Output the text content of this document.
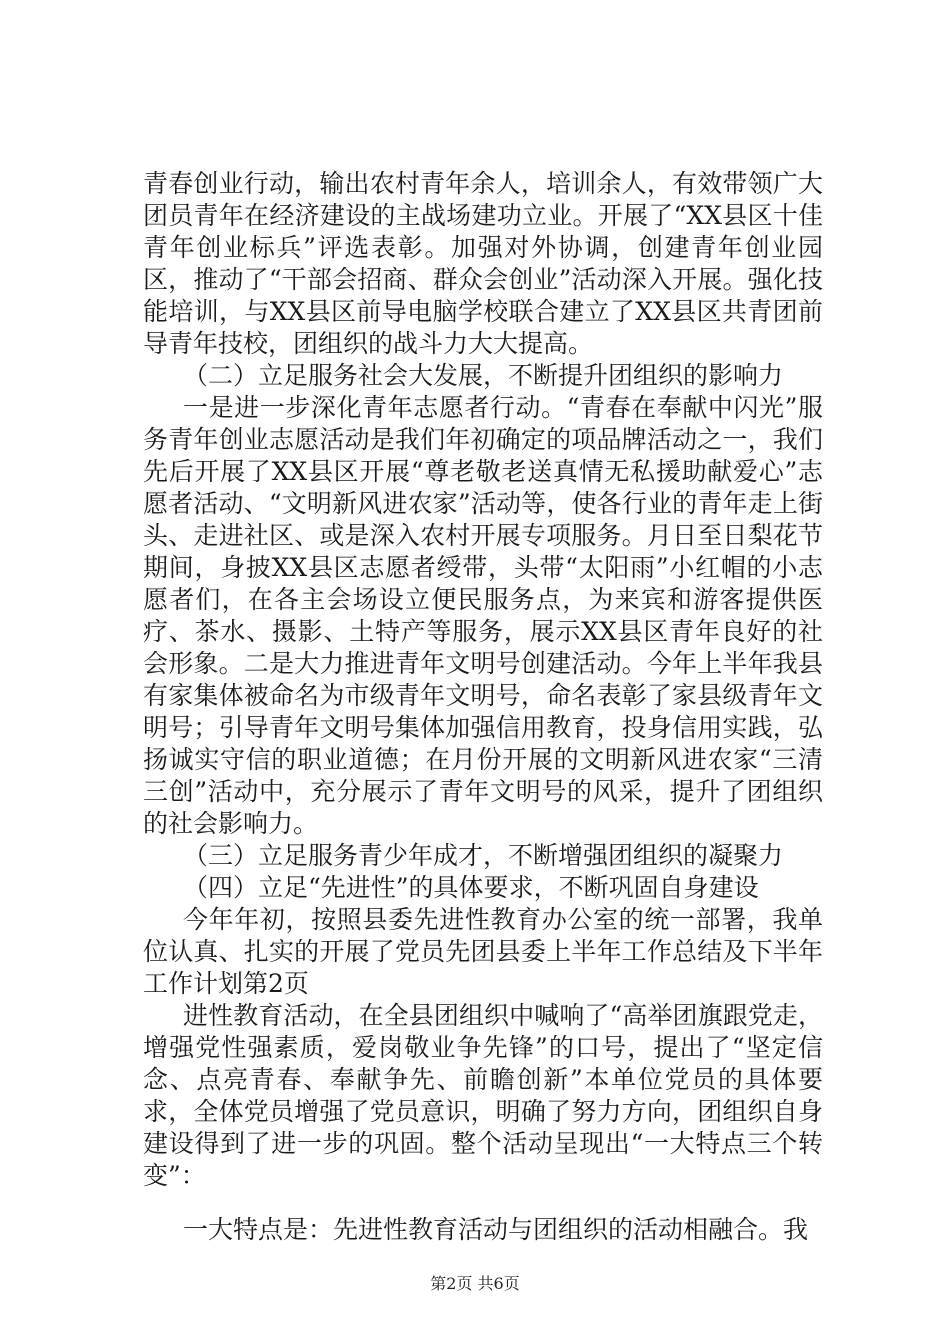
青春创业行动，输出农村青年余人，培训余人，有效带领广大团员青年在经济建设的主战场建功立业。开展了“XX县区十佳青年创业标兵”评选表彰。加强对外协调，创建青年创业园区，推动了“干部会招商、群众会创业”活动深入开展。强化技能培训，与XX县区前导电脑学校联合建立了XX县区共青团前导青年技校，团组织的战斗力大大提高。

（二）立足服务社会大发展，不断提升团组织的影响力

一是进一步深化青年志愿者行动。“青春在奉献中闪光”服务青年创业志愿活动是我们年初确定的项品牌活动之一，我们先后开展了XX县区开展“尊老敬老送真情无私援助献爱心”志愿者活动、“文明新风进农家”活动等，使各行业的青年走上街头、走进社区、或是深入农村开展专项服务。月日至日梨花节期间，身披XX县区志愿者绶带，头带“太阳雨”小红帽的小志愿者们，在各主会场设立便民服务点，为来宾和游客提供医疗、茶水、摄影、土特产等服务，展示XX县区青年良好的社会形象。二是大力推进青年文明号创建活动。今年上半年我县有家集体被命名为市级青年文明号，命名表彰了家县级青年文明号；引导青年文明号集体加强信用教育，投身信用实践，弘扬诚实守信的职业道德；在月份开展的文明新风进农家“三清三创”活动中，充分展示了青年文明号的风采，提升了团组织的社会影响力。

（三）立足服务青少年成才，不断增强团组织的凝聚力

（四）立足“先进性”的具体要求，不断巩固自身建设

今年年初，按照县委先进性教育办公室的统一部署，我单位认真、扎实的开展了党员先团县委上半年工作总结及下半年工作计划第2页

进性教育活动，在全县团组织中喊响了“高举团旗跟党走，增强党性强素质，爱岗敬业争先锋”的口号，提出了“坚定信念、点亮青春、奉献争先、前瞻创新”本单位党员的具体要求，全体党员增强了党员意识，明确了努力方向，团组织自身建设得到了进一步的巩固。整个活动呈现出“一大特点三个转变”：

一大特点是：先进性教育活动与团组织的活动相融合。我

第2页 共6页
